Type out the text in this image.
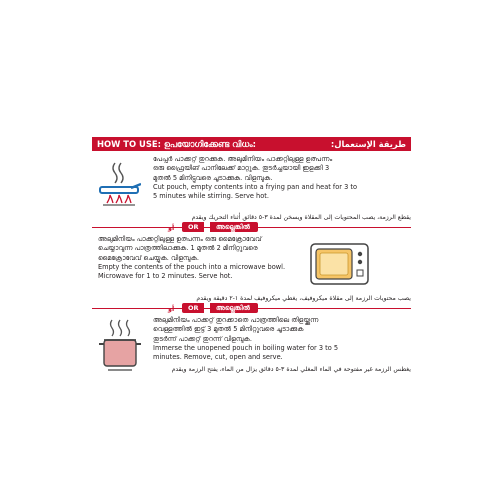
HOW TO USE: ഉപയോഗിക്കേണ്ട വിധം:	طريقة الإستعمال:
പേപ്പർ പാക്കറ്റ് തുറക്കുക. അലുമിനിയം പാക്കറ്റിലുള്ള ഉത്പന്നം
ഒരു ഫ്രൈയിങ് പാനിലേക്ക് മാറ്റുക. തുടർച്ചയായി ഇളക്കി 3
മുതൽ 5 മിനിട്ടുവരെ ചൂടാക്കുക. വിളമ്പുക.
Cut pouch, empty contents into a frying pan and heat for 3 to
5 minutes while stirring. Serve hot.
يقطع الرزمة، يصب المحتويات إلى المقلاة ويسخن لمدة ٣-٥ دقائق أثناء التحريك ويقدم
OR	അല്ലെങ്കിൽ
أو
അലുമിനിയം പാക്കറ്റിലുള്ള ഉത്പന്നം ഒരു മൈക്രോവേവ്
ചെയ്യാവുന്ന പാത്രത്തിലാക്കുക. 1 മുതൽ 2 മിനിറ്റുവരെ
മൈക്രോവേവ് ചെയ്യുക. വിളമ്പുക.
Empty the contents of the pouch into a microwave bowl.
Microwave for 1 to 2 minutes. Serve hot.
يصب محتويات الرزمة إلى مقلاة ميكروفيف، يغطي ميكروفيف لمدة ١-٢ دقيقة ويقدم
OR	അല്ലെങ്കിൽ
أو
അലുമിനിയം പാക്കറ്റ് തുറക്കാതെ പാത്രത്തിലെ തിളയ്ക്കുന്ന
വെള്ളത്തിൽ ഇട്ട് 3 മുതൽ 5 മിനിറ്റുവരെ ചൂടാക്കുക
തുടർന്ന് പാക്കറ്റ് തുറന്ന് വിളമ്പുക.
Immerse the unopened pouch in boiling water for 3 to 5
minutes. Remove, cut, open and serve.
يغطس الرزمة غير مفتوحة في الماء المغلي لمدة ٣-٥ دقائق يزال من الماء، يفتح الرزمة ويقدم
